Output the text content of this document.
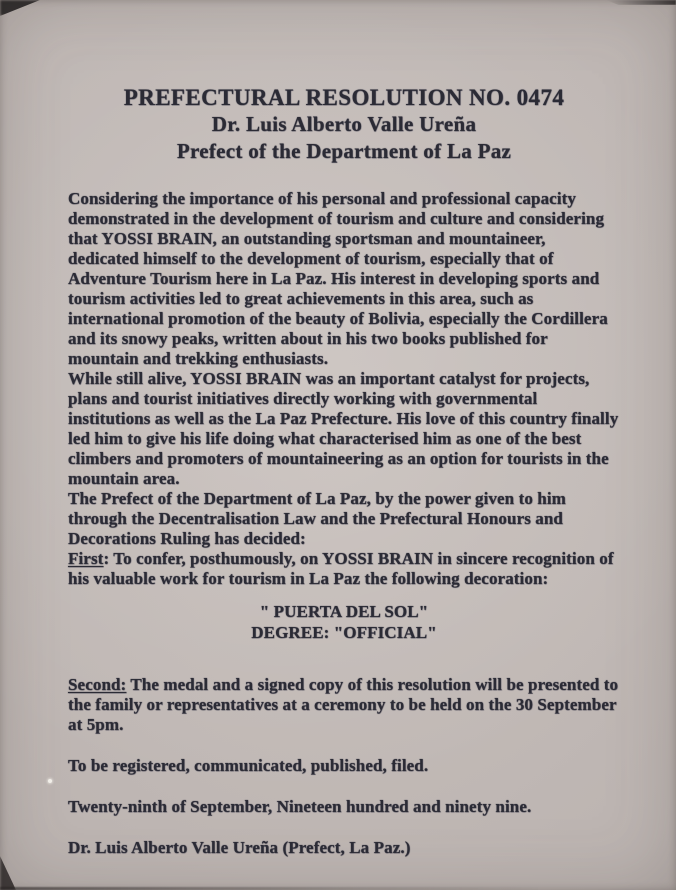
PREFECTURAL RESOLUTION NO. 0474
Dr. Luis Alberto Valle Ureña
Prefect of the Department of La Paz

Considering the importance of his personal and professional capacity demonstrated in the development of tourism and culture and considering that YOSSI BRAIN, an outstanding sportsman and mountaineer, dedicated himself to the development of tourism, especially that of Adventure Tourism here in La Paz. His interest in developing sports and tourism activities led to great achievements in this area, such as international promotion of the beauty of Bolivia, especially the Cordillera and its snowy peaks, written about in his two books published for mountain and trekking enthusiasts.

While still alive, YOSSI BRAIN was an important catalyst for projects, plans and tourist initiatives directly working with governmental institutions as well as the La Paz Prefecture. His love of this country finally led him to give his life doing what characterised him as one of the best climbers and promoters of mountaineering as an option for tourists in the mountain area.

The Prefect of the Department of La Paz, by the power given to him through the Decentralisation Law and the Prefectural Honours and Decorations Ruling has decided:

First: To confer, posthumously, on YOSSI BRAIN in sincere recognition of his valuable work for tourism in La Paz the following decoration:

" PUERTA DEL SOL"
DEGREE: "OFFICIAL"

Second: The medal and a signed copy of this resolution will be presented to the family or representatives at a ceremony to be held on the 30 September at 5pm.

To be registered, communicated, published, filed.

Twenty-ninth of September, Nineteen hundred and ninety nine.

Dr. Luis Alberto Valle Ureña (Prefect, La Paz.)
